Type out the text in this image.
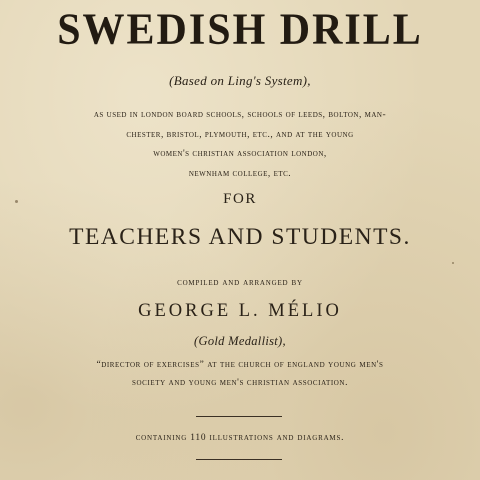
SWEDISH DRILL

(Based on Ling's System),

as used in london board schools, schools of leeds, bolton, man-
chester, bristol, plymouth, etc., and at the young
women's christian association london,
newnham college, etc.

FOR

TEACHERS AND STUDENTS.

compiled and arranged by

GEORGE L. MÉLIO

(Gold Medallist),

“director of exercises” at the church of england young men's
society and young men's christian association.

containing 110 illustrations and diagrams.
